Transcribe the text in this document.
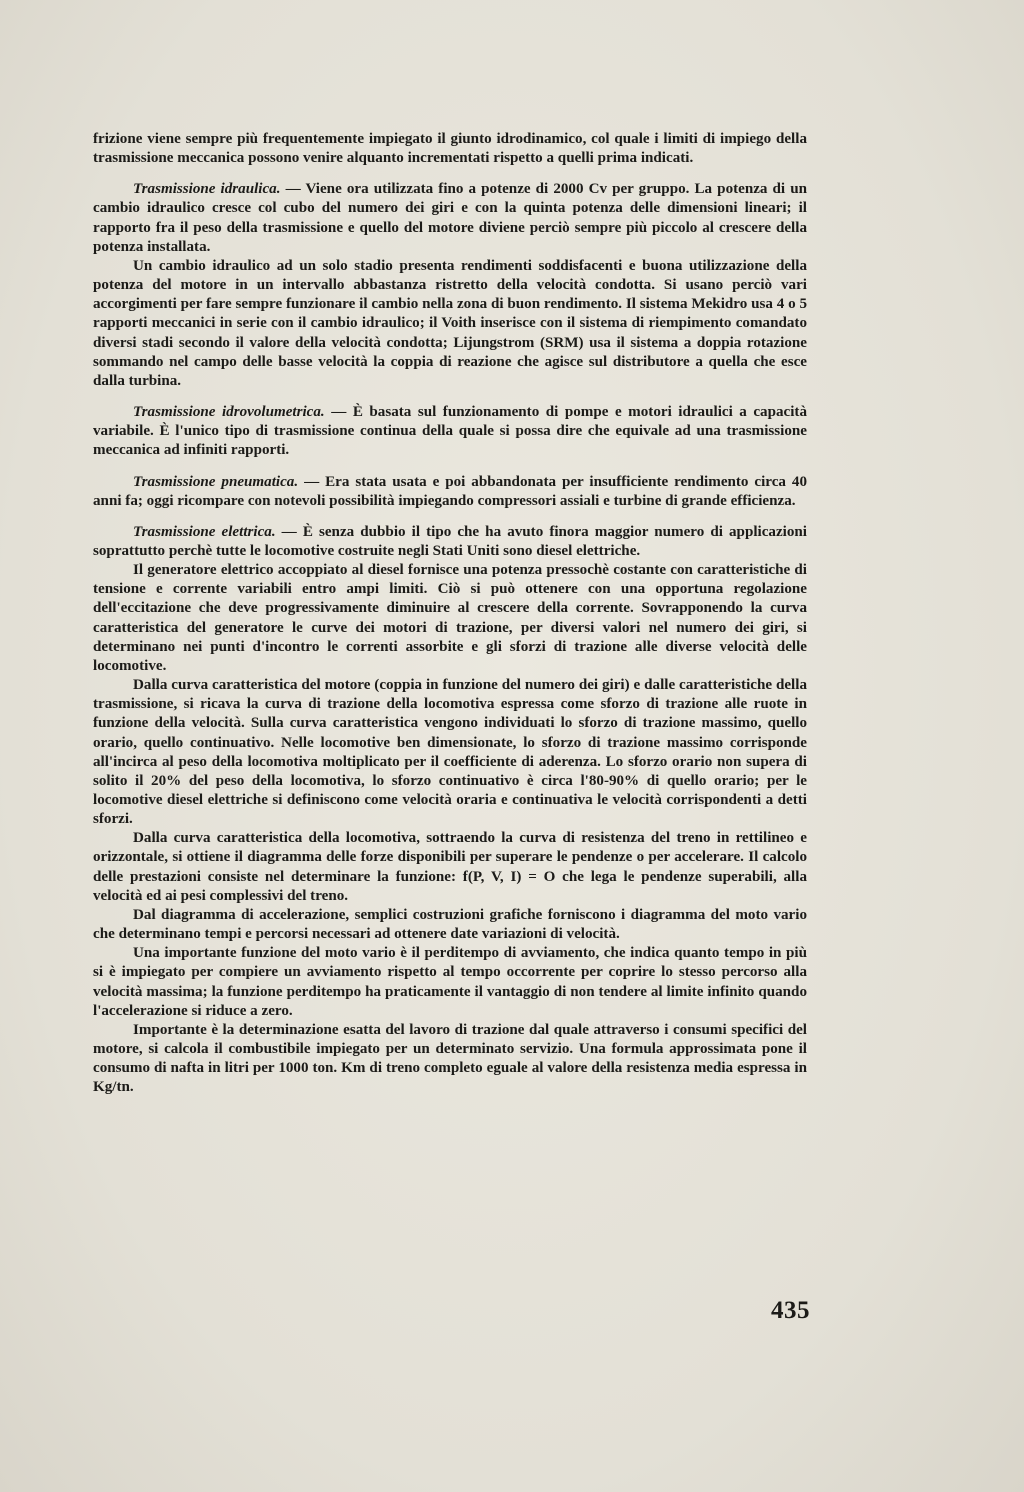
frizione viene sempre più frequentemente impiegato il giunto idrodinamico, col quale i limiti di impiego della trasmissione meccanica possono venire alquanto incrementati rispetto a quelli prima indicati.

Trasmissione idraulica. — Viene ora utilizzata fino a potenze di 2000 Cv per gruppo. La potenza di un cambio idraulico cresce col cubo del numero dei giri e con la quinta potenza delle dimensioni lineari; il rapporto fra il peso della trasmissione e quello del motore diviene perciò sempre più piccolo al crescere della potenza installata.

Un cambio idraulico ad un solo stadio presenta rendimenti soddisfacenti e buona utilizzazione della potenza del motore in un intervallo abbastanza ristretto della velocità condotta. Si usano perciò vari accorgimenti per fare sempre funzionare il cambio nella zona di buon rendimento. Il sistema Mekidro usa 4 o 5 rapporti meccanici in serie con il cambio idraulico; il Voith inserisce con il sistema di riempimento comandato diversi stadi secondo il valore della velocità condotta; Lijungstrom (SRM) usa il sistema a doppia rotazione sommando nel campo delle basse velocità la coppia di reazione che agisce sul distributore a quella che esce dalla turbina.

Trasmissione idrovolumetrica. — È basata sul funzionamento di pompe e motori idraulici a capacità variabile. È l'unico tipo di trasmissione continua della quale si possa dire che equivale ad una trasmissione meccanica ad infiniti rapporti.

Trasmissione pneumatica. — Era stata usata e poi abbandonata per insufficiente rendimento circa 40 anni fa; oggi ricompare con notevoli possibilità impiegando compressori assiali e turbine di grande efficienza.

Trasmissione elettrica. — È senza dubbio il tipo che ha avuto finora maggior numero di applicazioni soprattutto perchè tutte le locomotive costruite negli Stati Uniti sono diesel elettriche.

Il generatore elettrico accoppiato al diesel fornisce una potenza pressochè costante con caratteristiche di tensione e corrente variabili entro ampi limiti. Ciò si può ottenere con una opportuna regolazione dell'eccitazione che deve progressivamente diminuire al crescere della corrente. Sovrapponendo la curva caratteristica del generatore le curve dei motori di trazione, per diversi valori nel numero dei giri, si determinano nei punti d'incontro le correnti assorbite e gli sforzi di trazione alle diverse velocità delle locomotive.

Dalla curva caratteristica del motore (coppia in funzione del numero dei giri) e dalle caratteristiche della trasmissione, si ricava la curva di trazione della locomotiva espressa come sforzo di trazione alle ruote in funzione della velocità. Sulla curva caratteristica vengono individuati lo sforzo di trazione massimo, quello orario, quello continuativo. Nelle locomotive ben dimensionate, lo sforzo di trazione massimo corrisponde all'incirca al peso della locomotiva moltiplicato per il coefficiente di aderenza. Lo sforzo orario non supera di solito il 20% del peso della locomotiva, lo sforzo continuativo è circa l'80-90% di quello orario; per le locomotive diesel elettriche si definiscono come velocità oraria e continuativa le velocità corrispondenti a detti sforzi.

Dalla curva caratteristica della locomotiva, sottraendo la curva di resistenza del treno in rettilineo e orizzontale, si ottiene il diagramma delle forze disponibili per superare le pendenze o per accelerare. Il calcolo delle prestazioni consiste nel determinare la funzione: f(P, V, I) = O che lega le pendenze superabili, alla velocità ed ai pesi complessivi del treno.

Dal diagramma di accelerazione, semplici costruzioni grafiche forniscono i diagramma del moto vario che determinano tempi e percorsi necessari ad ottenere date variazioni di velocità.

Una importante funzione del moto vario è il perditempo di avviamento, che indica quanto tempo in più si è impiegato per compiere un avviamento rispetto al tempo occorrente per coprire lo stesso percorso alla velocità massima; la funzione perditempo ha praticamente il vantaggio di non tendere al limite infinito quando l'accelerazione si riduce a zero.

Importante è la determinazione esatta del lavoro di trazione dal quale attraverso i consumi specifici del motore, si calcola il combustibile impiegato per un determinato servizio. Una formula approssimata pone il consumo di nafta in litri per 1000 ton. Km di treno completo eguale al valore della resistenza media espressa in Kg/tn.

435
